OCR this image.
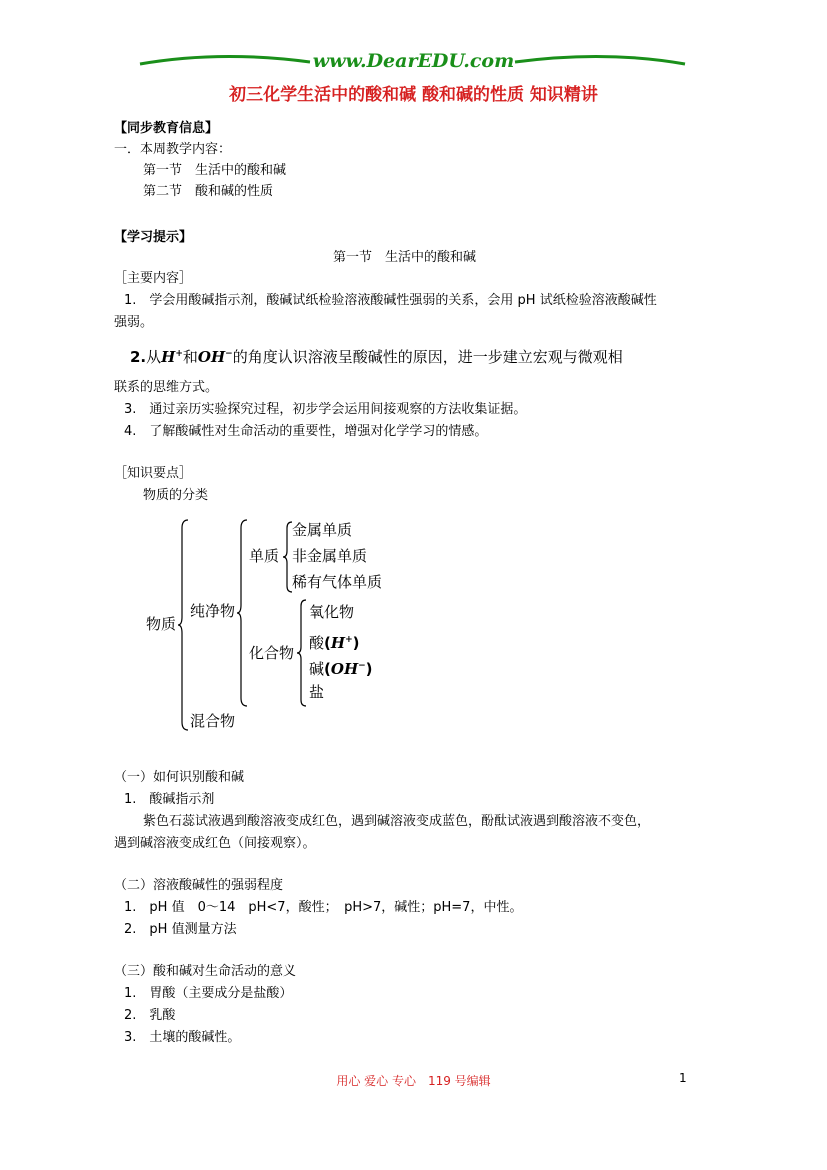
www.DearEDU.com
初三化学生活中的酸和碱 酸和碱的性质 知识精讲
【同步教育信息】
一．本周教学内容：
第一节　生活中的酸和碱
第二节　酸和碱的性质
【学习提示】
第一节　生活中的酸和碱
［主要内容］
1.　学会用酸碱指示剂，酸碱试纸检验溶液酸碱性强弱的关系，会用 pH 试纸检验溶液酸碱性
强弱。
2.从H+和OH−的角度认识溶液呈酸碱性的原因，进一步建立宏观与微观相
联系的思维方式。
3.　通过亲历实验探究过程，初步学会运用间接观察的方法收集证据。
4.　了解酸碱性对生命活动的重要性，增强对化学学习的情感。
［知识要点］
物质的分类
物质
纯净物
混合物
单质
化合物
金属单质
非金属单质
稀有气体单质
氧化物
酸(H+)
碱(OH−)
盐
（一）如何识别酸和碱
1.　酸碱指示剂
紫色石蕊试液遇到酸溶液变成红色，遇到碱溶液变成蓝色，酚酞试液遇到酸溶液不变色，
遇到碱溶液变成红色（间接观察）。
（二）溶液酸碱性的强弱程度
1.　pH 值　0～14　pH<7，酸性；　pH>7，碱性；pH=7，中性。
2.　pH 值测量方法
（三）酸和碱对生命活动的意义
1.　胃酸（主要成分是盐酸）
2.　乳酸
3.　土壤的酸碱性。
用心 爱心 专心　119 号编辑	1
